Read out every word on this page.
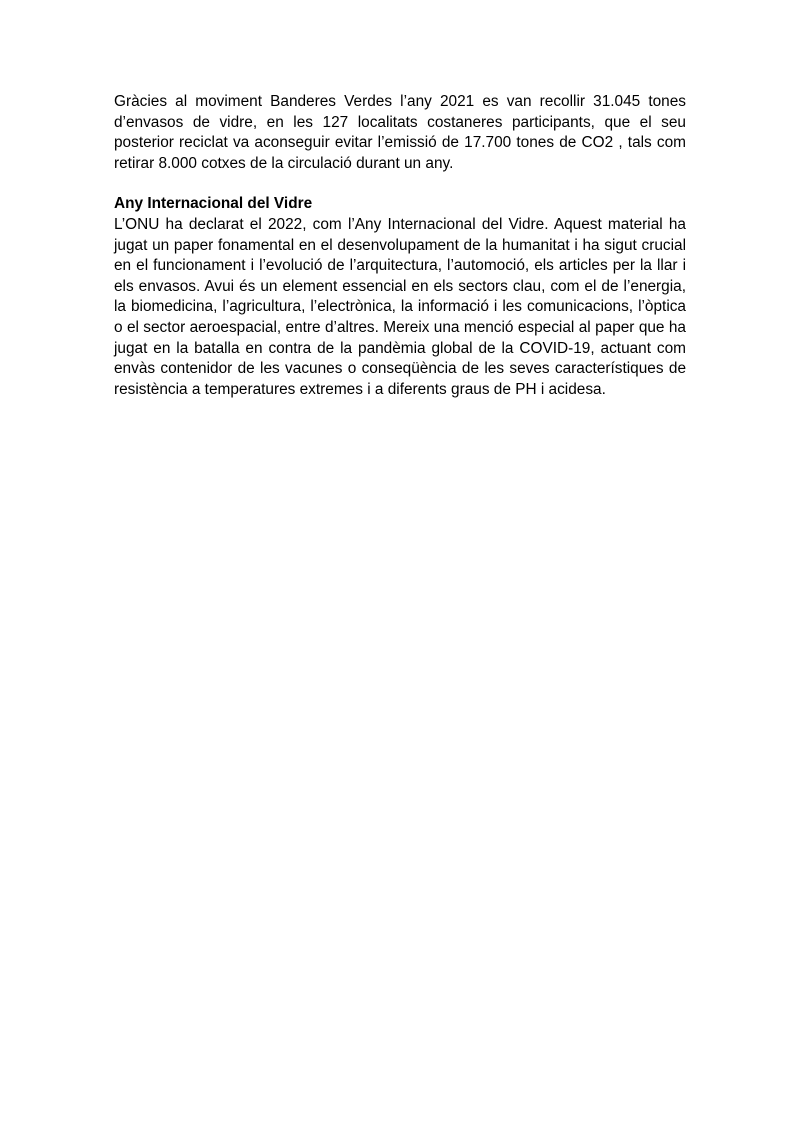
Gràcies al moviment Banderes Verdes l’any 2021 es van recollir 31.045 tones d’envasos de vidre, en les 127 localitats costaneres participants, que el seu posterior reciclat va aconseguir evitar l’emissió de 17.700 tones de CO2 , tals com retirar 8.000 cotxes de la circulació durant un any.

Any Internacional del Vidre

L’ONU ha declarat el 2022, com l’Any Internacional del Vidre. Aquest material ha jugat un paper fonamental en el desenvolupament de la humanitat i ha sigut crucial en el funcionament i l’evolució de l’arquitectura, l’automoció, els articles per la llar i els envasos. Avui és un element essencial en els sectors clau, com el de l’energia, la biomedicina, l’agricultura, l’electrònica, la informació i les comunicacions, l’òptica o el sector aeroespacial, entre d’altres. Mereix una menció especial al paper que ha jugat en la batalla en contra de la pandèmia global de la COVID-19, actuant com envàs contenidor de les vacunes o conseqüència de les seves característiques de resistència a temperatures extremes i a diferents graus de PH i acidesa.
